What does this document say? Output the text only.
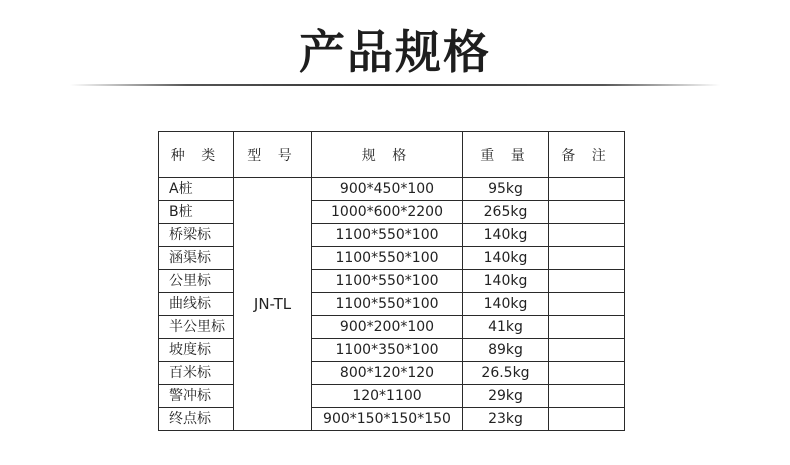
产品规格
种 类	型 号	规 格	重 量	备 注
A桩	JN-TL	900*450*100	95kg	
B桩		1000*600*2200	265kg	
桥梁标		1100*550*100	140kg	
涵渠标		1100*550*100	140kg	
公里标		1100*550*100	140kg	
曲线标		1100*550*100	140kg	
半公里标		900*200*100	41kg	
坡度标		1100*350*100	89kg	
百米标		800*120*120	26.5kg	
警冲标		120*1100	29kg	
终点标		900*150*150*150	23kg	
